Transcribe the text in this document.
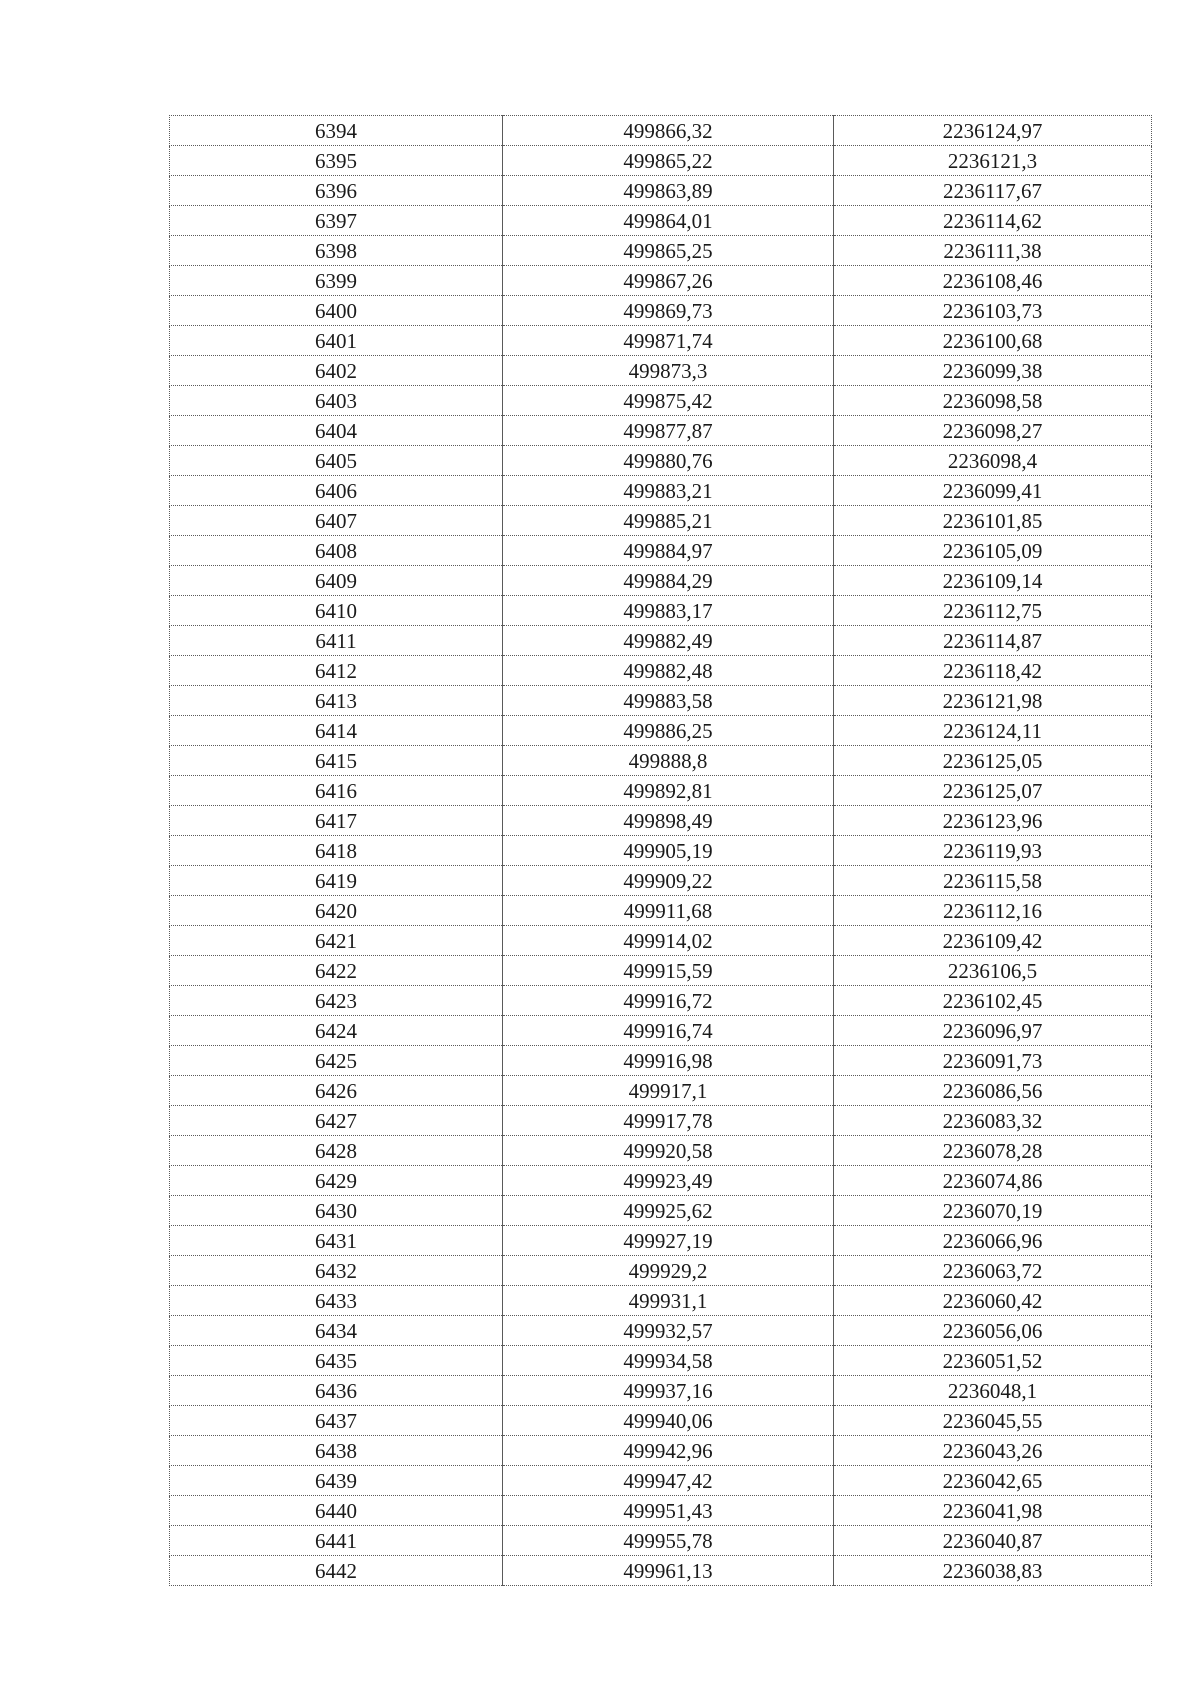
6394	499866,32	2236124,97
6395	499865,22	2236121,3
6396	499863,89	2236117,67
6397	499864,01	2236114,62
6398	499865,25	2236111,38
6399	499867,26	2236108,46
6400	499869,73	2236103,73
6401	499871,74	2236100,68
6402	499873,3	2236099,38
6403	499875,42	2236098,58
6404	499877,87	2236098,27
6405	499880,76	2236098,4
6406	499883,21	2236099,41
6407	499885,21	2236101,85
6408	499884,97	2236105,09
6409	499884,29	2236109,14
6410	499883,17	2236112,75
6411	499882,49	2236114,87
6412	499882,48	2236118,42
6413	499883,58	2236121,98
6414	499886,25	2236124,11
6415	499888,8	2236125,05
6416	499892,81	2236125,07
6417	499898,49	2236123,96
6418	499905,19	2236119,93
6419	499909,22	2236115,58
6420	499911,68	2236112,16
6421	499914,02	2236109,42
6422	499915,59	2236106,5
6423	499916,72	2236102,45
6424	499916,74	2236096,97
6425	499916,98	2236091,73
6426	499917,1	2236086,56
6427	499917,78	2236083,32
6428	499920,58	2236078,28
6429	499923,49	2236074,86
6430	499925,62	2236070,19
6431	499927,19	2236066,96
6432	499929,2	2236063,72
6433	499931,1	2236060,42
6434	499932,57	2236056,06
6435	499934,58	2236051,52
6436	499937,16	2236048,1
6437	499940,06	2236045,55
6438	499942,96	2236043,26
6439	499947,42	2236042,65
6440	499951,43	2236041,98
6441	499955,78	2236040,87
6442	499961,13	2236038,83
